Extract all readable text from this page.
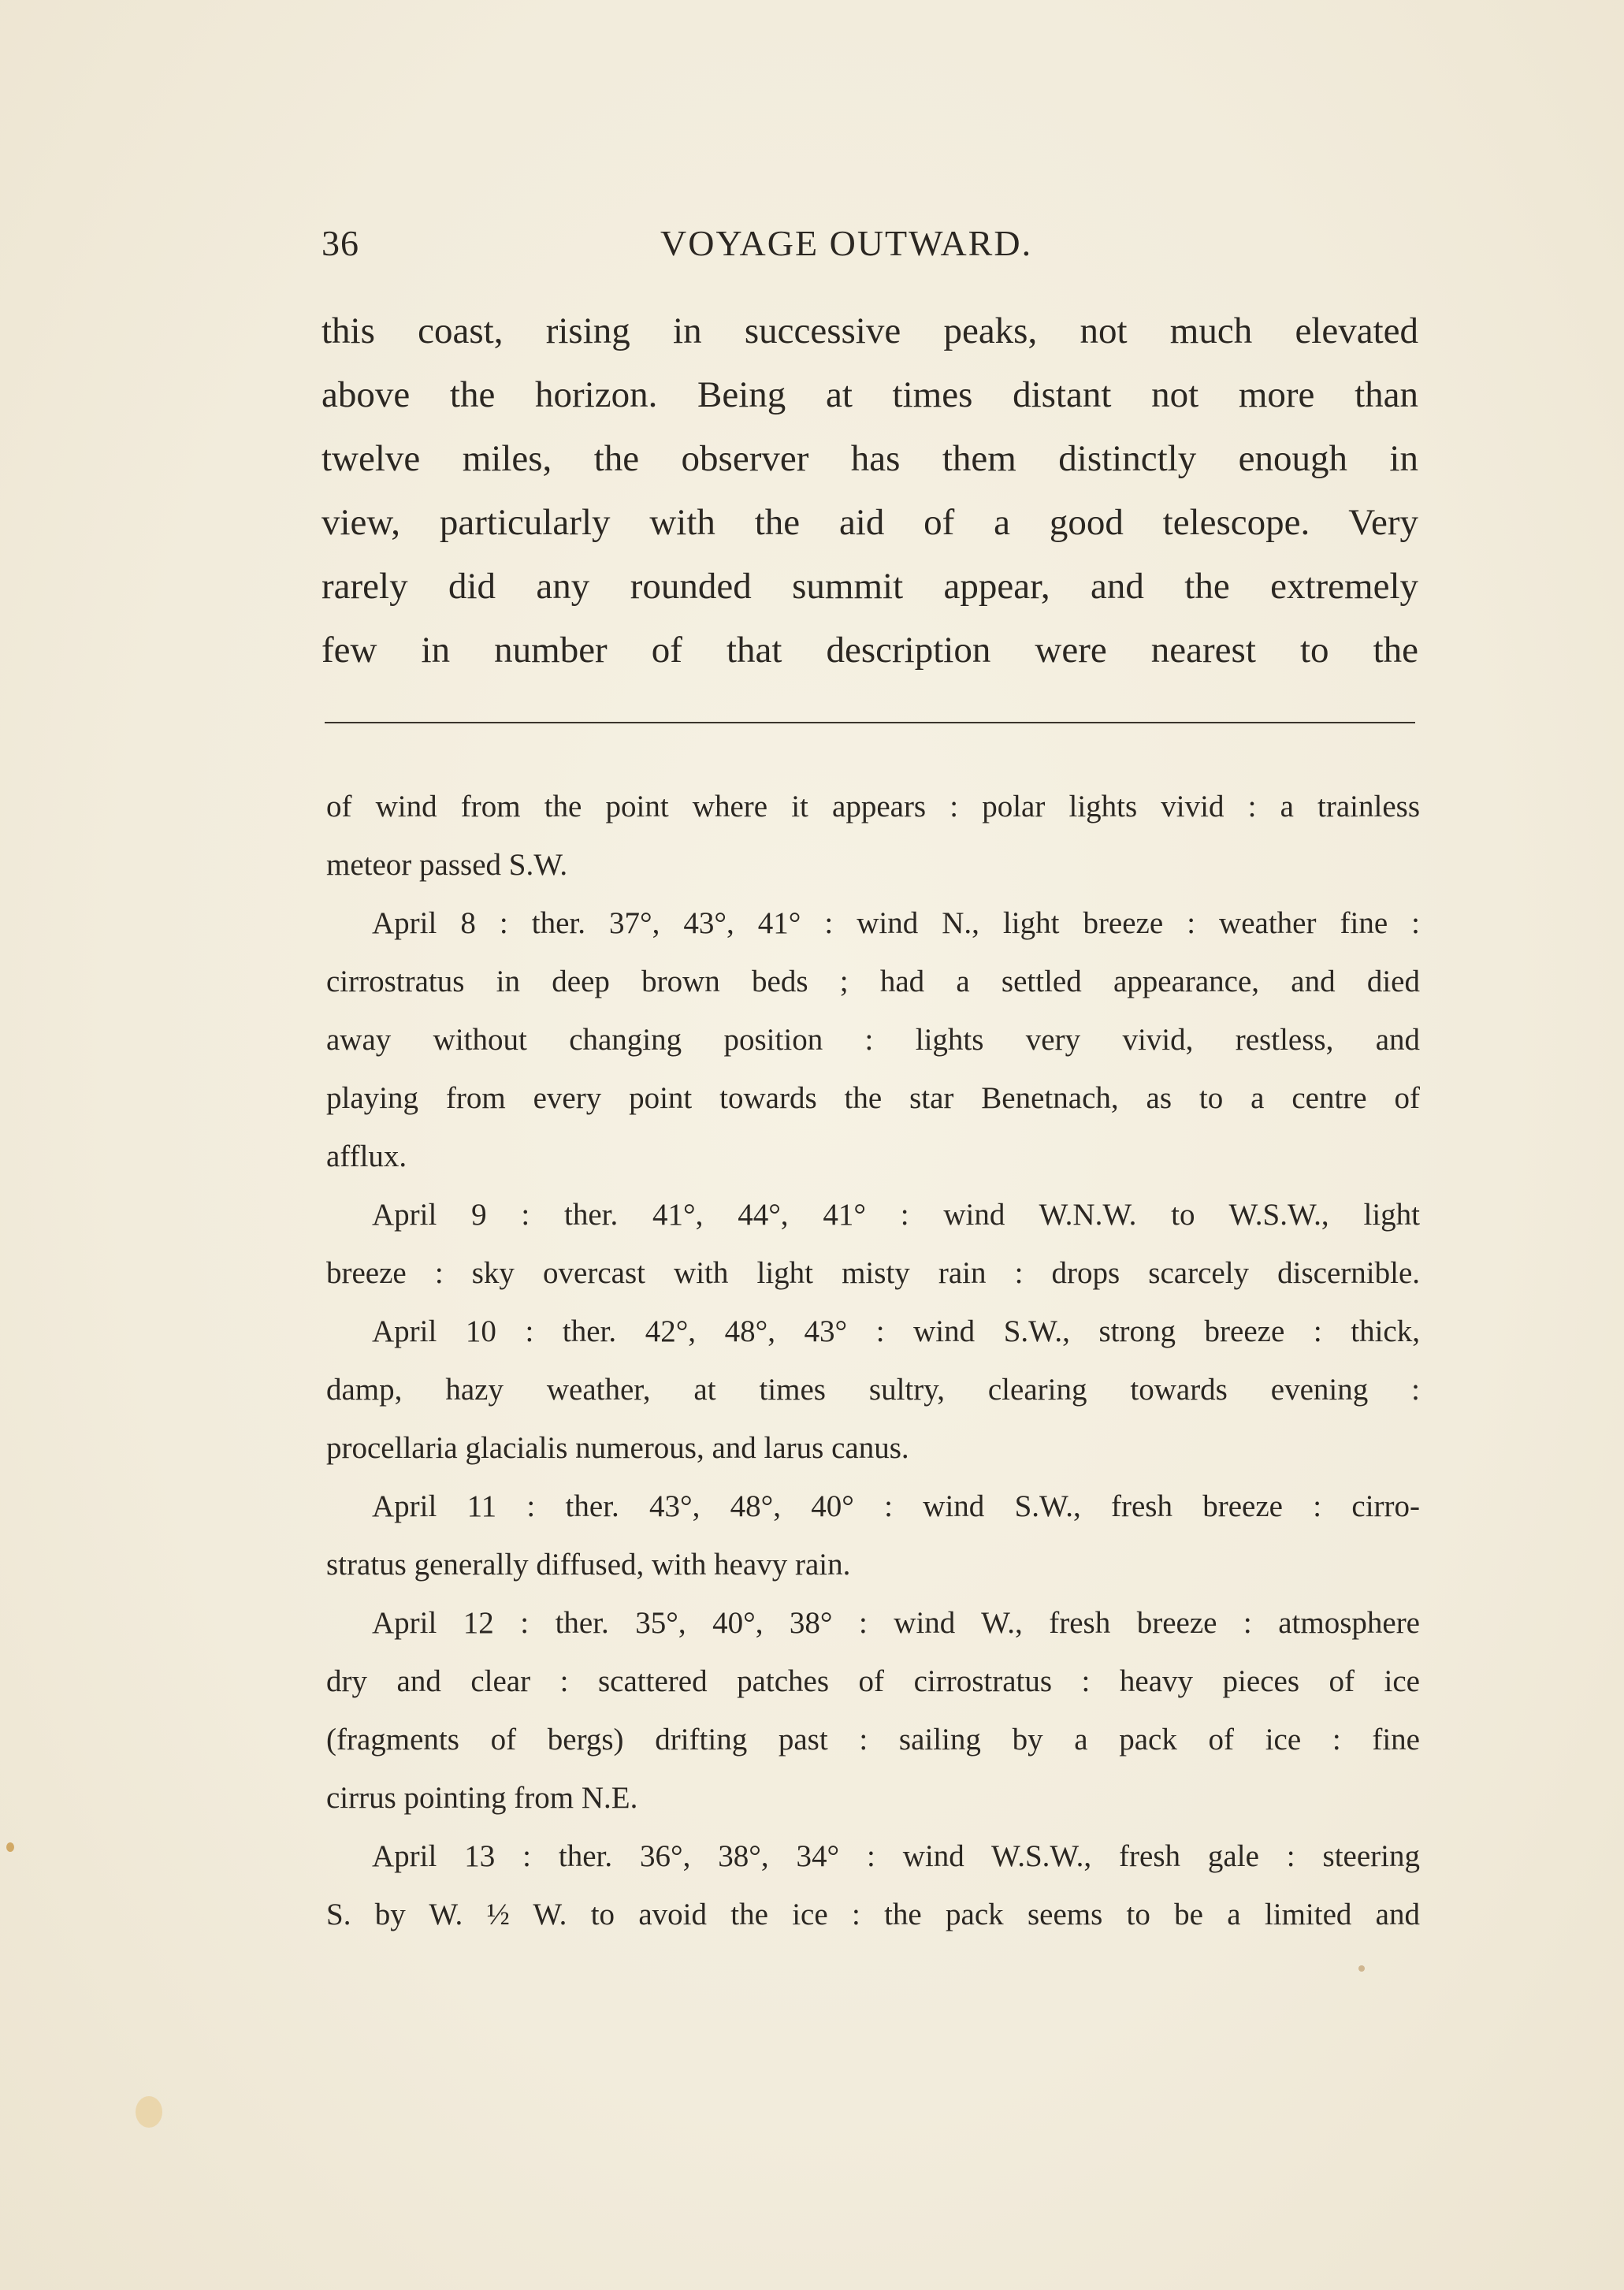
36	VOYAGE OUTWARD.
this coast, rising in successive peaks, not much elevated
above the horizon. Being at times distant not more than
twelve miles, the observer has them distinctly enough in
view, particularly with the aid of a good telescope. Very
rarely did any rounded summit appear, and the extremely
few in number of that description were nearest to the
of wind from the point where it appears : polar lights vivid : a trainless
meteor passed S.W.
April 8 : ther. 37°, 43°, 41° : wind N., light breeze : weather fine :
cirrostratus in deep brown beds ; had a settled appearance, and died
away without changing position : lights very vivid, restless, and
playing from every point towards the star Benetnach, as to a centre of
afflux.
April 9 : ther. 41°, 44°, 41° : wind W.N.W. to W.S.W., light
breeze : sky overcast with light misty rain : drops scarcely discernible.
April 10 : ther. 42°, 48°, 43° : wind S.W., strong breeze : thick,
damp, hazy weather, at times sultry, clearing towards evening :
procellaria glacialis numerous, and larus canus.
April 11 : ther. 43°, 48°, 40° : wind S.W., fresh breeze : cirro-
stratus generally diffused, with heavy rain.
April 12 : ther. 35°, 40°, 38° : wind W., fresh breeze : atmosphere
dry and clear : scattered patches of cirrostratus : heavy pieces of ice
(fragments of bergs) drifting past : sailing by a pack of ice : fine
cirrus pointing from N.E.
April 13 : ther. 36°, 38°, 34° : wind W.S.W., fresh gale : steering
S. by W. ½ W. to avoid the ice : the pack seems to be a limited and
